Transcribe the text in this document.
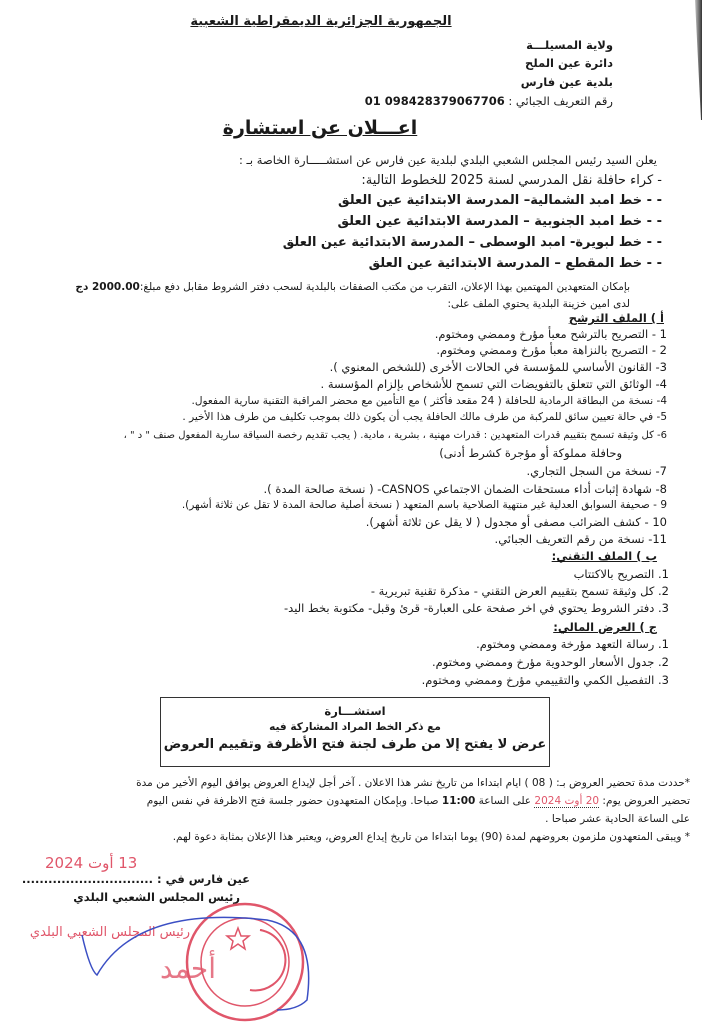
الجمهورية الجزائرية الديمقراطية الشعبية
ولاية المسيلـــة
دائرة عين الملح
بلدية عين فارس
رقم التعريف الجبائي : 01 098428379067706
اعـــلان عن استشارة
يعلن السيد رئيس المجلس الشعبي البلدي لبلدية عين فارس عن استشـــــارة الخاصة بـ :
- كراء حافلة نقل المدرسي لسنة 2025 للخطوط التالية:
- - خط امبد الشمالية– المدرسة الابتدائية عين العلق
- - خط امبد الجنوبية – المدرسة الابتدائية عين العلق
- - خط لبويرة- امبد الوسطى – المدرسة الابتدائية عين العلق
- - خط المقطع – المدرسة الابتدائية عين العلق
بإمكان المتعهدين المهتمين بهذا الإعلان، التقرب من مكتب الصفقات بالبلدية لسحب دفتر الشروط مقابل دفع مبلغ:2000.00 دج
لدى امين خزينة البلدية يحتوي الملف على:
أ ) الملف الترشح
1 - التصريح بالترشح معبأ مؤرخ وممضي ومختوم.
2 - التصريح بالنزاهة معبأ مؤرخ وممضي ومختوم.
3- القانون الأساسي للمؤسسة في الحالات الأخرى (للشخص المعنوي ).
4- الوثائق التي تتعلق بالتفويضات التي تسمح للأشخاص بإلزام المؤسسة .
4- نسخة من البطاقة الرمادية للحافلة ( 24 مقعد فأكثر ) مع التأمين مع محضر المراقبة التقنية سارية المفعول.
5- في حالة تعيين سائق للمركبة من طرف مالك الحافلة يجب أن يكون ذلك بموجب تكليف من طرف هذا الأخير .
6- كل وثيقة تسمح بتقييم قدرات المتعهدين : قدرات مهنية ، بشرية ، مادية. ( يجب تقديم رخصة السياقة سارية المفعول صنف " د " ،
وحافلة مملوكة أو مؤجرة كشرط أدنى)
7- نسخة من السجل التجاري.
8- شهادة إثبات أداء مستحقات الضمان الاجتماعي CASNOS- ( نسخة صالحة المدة ).
9 - صحيفة السوابق العدلية غير منتهية الصلاحية باسم المتعهد ( نسخة أصلية صالحة المدة لا تقل عن ثلاثة أشهر).
10 - كشف الضرائب مصفى أو مجدول ( لا يقل عن ثلاثة أشهر).
11- نسخة من رقم التعريف الجبائي.
ب ) الملف التقني:
1. التصريح بالاكتتاب
2. كل وثيقة تسمح بتقييم العرض التقني - مذكرة تقنية تبريرية -
3. دفتر الشروط يحتوي في اخر صفحة على العبارة- قرئ وقبل- مكتوبة بخط اليد-
ج ) العرض المالي:
1. رسالة التعهد مؤرخة وممضي ومختوم.
2. جدول الأسعار الوحدوية مؤرخ وممضي ومختوم.
3. التفصيل الكمي والتقييمي مؤرخ وممضي ومختوم.
استشـــارة
مع ذكر الخط المراد المشاركة فيه
عرض لا يفتح إلا من طرف لجنة فتح الأظرفة وتقييم العروض
*حددت مدة تحضير العروض بـ: ( 08 ) ايام ابتداءا من تاريخ نشر هذا الاعلان . آخر أجل لإيداع العروض يوافق اليوم الأخير من مدة
تحضير العروض يوم: 20 أوت 2024 على الساعة 11:00 صباحا. وبإمكان المتعهدون حضور جلسة فتح الاظرفة في نفس اليوم
على الساعة الحادية عشر صباحا .
* ويبقى المتعهدون ملزمون بعروضهم لمدة (90) يوما ابتداءا من تاريخ إيداع العروض، ويعتبر هذا الإعلان بمثابة دعوة لهم.
13 أوت 2024
عين فارس في : ..............................
رئيس المجلس الشعبي البلدي
رئيس المجلس الشعبي البلدي
أحمد
